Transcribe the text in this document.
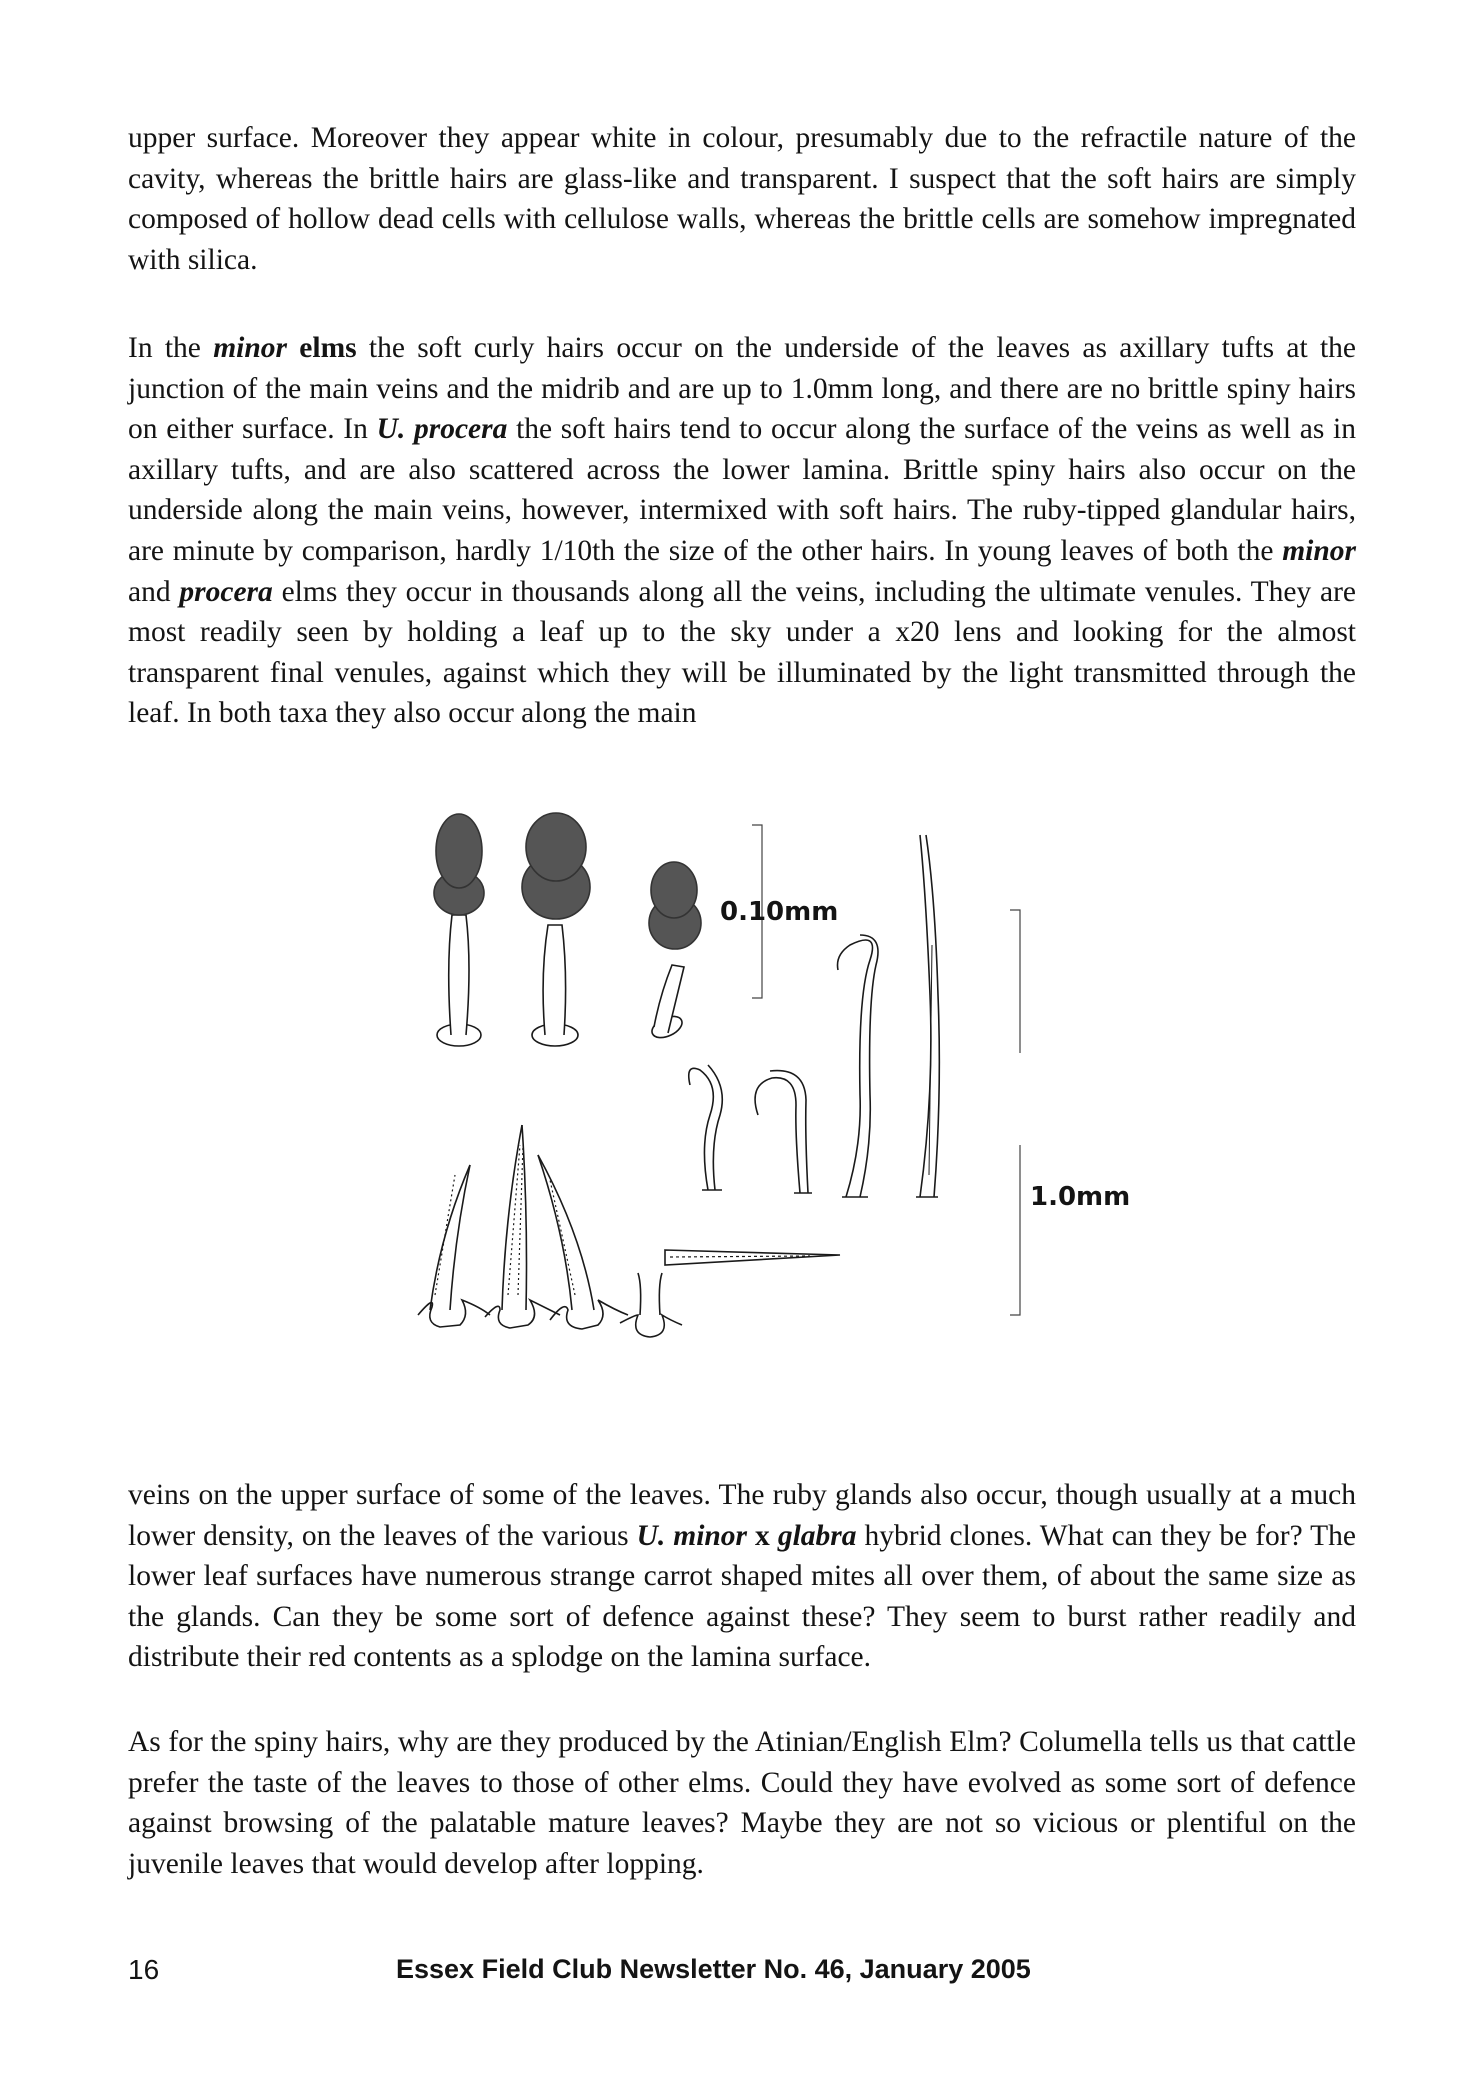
upper surface. Moreover they appear white in colour, presumably due to the refractile nature of the cavity, whereas the brittle hairs are glass-like and transparent. I suspect that the soft hairs are simply composed of hollow dead cells with cellulose walls, whereas the brittle cells are somehow impregnated with silica.

In the minor elms the soft curly hairs occur on the underside of the leaves as axillary tufts at the junction of the main veins and the midrib and are up to 1.0mm long, and there are no brittle spiny hairs on either surface. In U. procera the soft hairs tend to occur along the surface of the veins as well as in axillary tufts, and are also scattered across the lower lamina. Brittle spiny hairs also occur on the underside along the main veins, however, intermixed with soft hairs. The ruby-tipped glandular hairs, are minute by comparison, hardly 1/10th the size of the other hairs. In young leaves of both the minor and procera elms they occur in thousands along all the veins, including the ultimate venules. They are most readily seen by holding a leaf up to the sky under a x20 lens and looking for the almost transparent final venules, against which they will be illuminated by the light transmitted through the leaf. In both taxa they also occur along the main

0.10mm
1.0mm

veins on the upper surface of some of the leaves. The ruby glands also occur, though usually at a much lower density, on the leaves of the various U. minor x glabra hybrid clones. What can they be for? The lower leaf surfaces have numerous strange carrot shaped mites all over them, of about the same size as the glands. Can they be some sort of defence against these? They seem to burst rather readily and distribute their red contents as a splodge on the lamina surface.

As for the spiny hairs, why are they produced by the Atinian/English Elm? Columella tells us that cattle prefer the taste of the leaves to those of other elms. Could they have evolved as some sort of defence against browsing of the palatable mature leaves? Maybe they are not so vicious or plentiful on the juvenile leaves that would develop after lopping.

16	Essex Field Club Newsletter No. 46, January 2005
